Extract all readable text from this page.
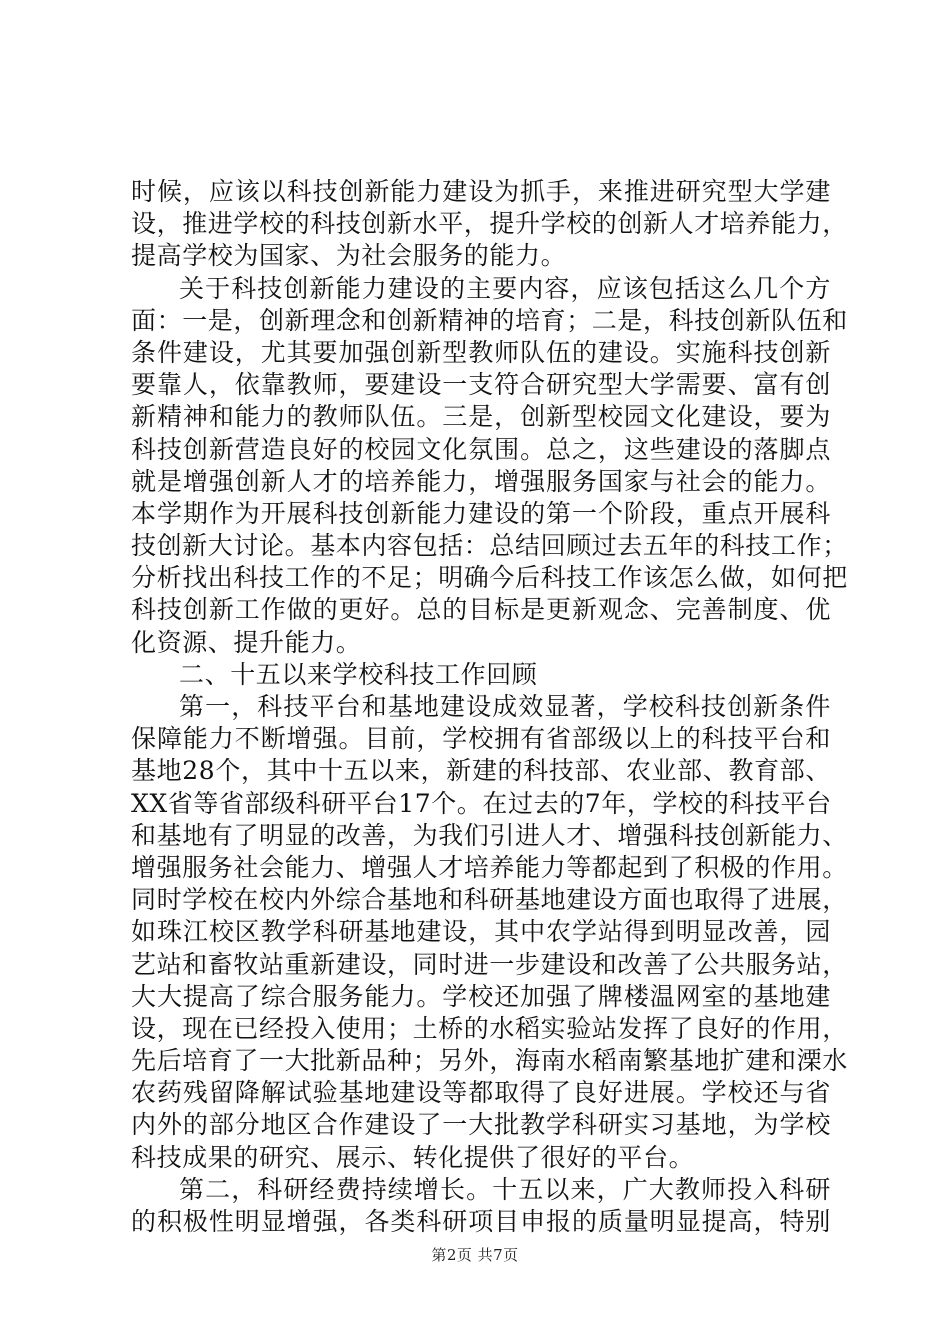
时候，应该以科技创新能力建设为抓手，来推进研究型大学建
设，推进学校的科技创新水平，提升学校的创新人才培养能力，
提高学校为国家、为社会服务的能力。
关于科技创新能力建设的主要内容，应该包括这么几个方
面：一是，创新理念和创新精神的培育；二是，科技创新队伍和
条件建设，尤其要加强创新型教师队伍的建设。实施科技创新
要靠人，依靠教师，要建设一支符合研究型大学需要、富有创
新精神和能力的教师队伍。三是，创新型校园文化建设，要为
科技创新营造良好的校园文化氛围。总之，这些建设的落脚点
就是增强创新人才的培养能力，增强服务国家与社会的能力。
本学期作为开展科技创新能力建设的第一个阶段，重点开展科
技创新大讨论。基本内容包括：总结回顾过去五年的科技工作；
分析找出科技工作的不足；明确今后科技工作该怎么做，如何把
科技创新工作做的更好。总的目标是更新观念、完善制度、优
化资源、提升能力。
二、十五以来学校科技工作回顾
第一，科技平台和基地建设成效显著，学校科技创新条件
保障能力不断增强。目前，学校拥有省部级以上的科技平台和
基地28个，其中十五以来，新建的科技部、农业部、教育部、
XX省等省部级科研平台17个。在过去的7年，学校的科技平台
和基地有了明显的改善，为我们引进人才、增强科技创新能力、
增强服务社会能力、增强人才培养能力等都起到了积极的作用。
同时学校在校内外综合基地和科研基地建设方面也取得了进展，
如珠江校区教学科研基地建设，其中农学站得到明显改善，园
艺站和畜牧站重新建设，同时进一步建设和改善了公共服务站，
大大提高了综合服务能力。学校还加强了牌楼温网室的基地建
设，现在已经投入使用；土桥的水稻实验站发挥了良好的作用，
先后培育了一大批新品种；另外，海南水稻南繁基地扩建和溧水
农药残留降解试验基地建设等都取得了良好进展。学校还与省
内外的部分地区合作建设了一大批教学科研实习基地，为学校
科技成果的研究、展示、转化提供了很好的平台。
第二，科研经费持续增长。十五以来，广大教师投入科研
的积极性明显增强，各类科研项目申报的质量明显提高，特别
第2页 共7页
